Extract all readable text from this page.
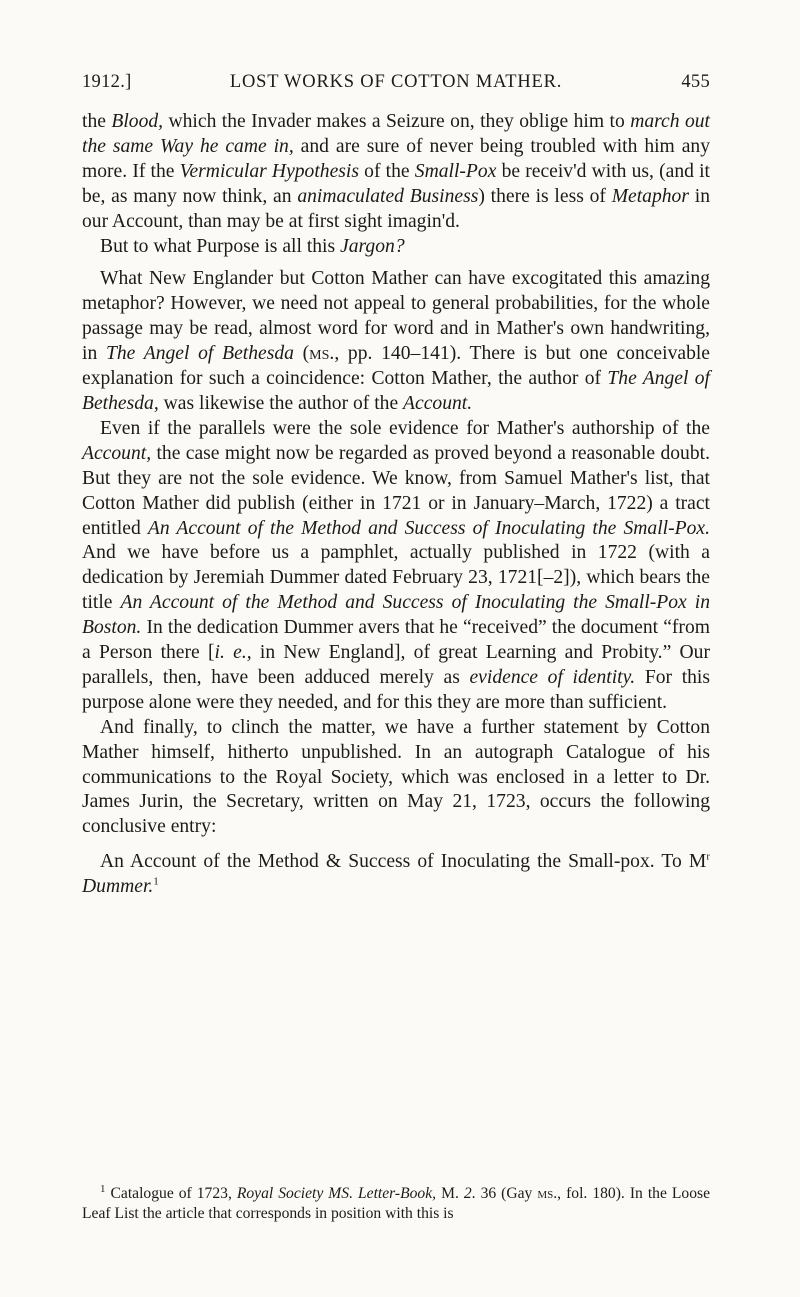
1912.]	LOST WORKS OF COTTON MATHER.	455

the Blood, which the Invader makes a Seizure on, they oblige him to march out the same Way he came in, and are sure of never being troubled with him any more. If the Vermicular Hypothesis of the Small-Pox be receiv'd with us, (and it be, as many now think, an animaculated Business) there is less of Metaphor in our Account, than may be at first sight imagin'd.

But to what Purpose is all this Jargon?

What New Englander but Cotton Mather can have excogitated this amazing metaphor? However, we need not appeal to general probabilities, for the whole passage may be read, almost word for word and in Mather's own handwriting, in The Angel of Bethesda (ms., pp. 140–141). There is but one conceivable explanation for such a coincidence: Cotton Mather, the author of The Angel of Bethesda, was likewise the author of the Account.

Even if the parallels were the sole evidence for Mather's authorship of the Account, the case might now be regarded as proved beyond a reasonable doubt. But they are not the sole evidence. We know, from Samuel Mather's list, that Cotton Mather did publish (either in 1721 or in January–March, 1722) a tract entitled An Account of the Method and Success of Inoculating the Small-Pox. And we have before us a pamphlet, actually published in 1722 (with a dedication by Jeremiah Dummer dated February 23, 1721[–2]), which bears the title An Account of the Method and Success of Inoculating the Small-Pox in Boston. In the dedication Dummer avers that he “received” the document “from a Person there [i. e., in New England], of great Learning and Probity.” Our parallels, then, have been adduced merely as evidence of identity. For this purpose alone were they needed, and for this they are more than sufficient.

And finally, to clinch the matter, we have a further statement by Cotton Mather himself, hitherto unpublished. In an autograph Catalogue of his communications to the Royal Society, which was enclosed in a letter to Dr. James Jurin, the Secretary, written on May 21, 1723, occurs the following conclusive entry:

An Account of the Method & Success of Inoculating the Small-pox. To $M^r$ Dummer.$^1$

$^1$ Catalogue of 1723, Royal Society MS. Letter-Book, M. 2. 36 (Gay ms., fol. 180). In the Loose Leaf List the article that corresponds in position with this is
